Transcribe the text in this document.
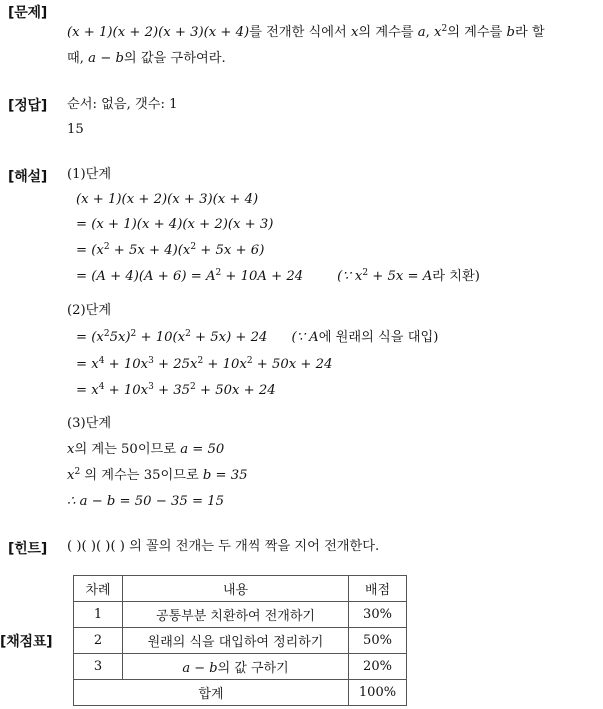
[문제]
(x + 1)(x + 2)(x + 3)(x + 4)를 전개한 식에서 x의 계수를 a, $x^2$의 계수를 b라 할
때, a − b의 값을 구하여라.
[정답] 순서: 없음, 갯수: 1
15
[해설] (1)단계
(x + 1)(x + 2)(x + 3)(x + 4)
= (x + 1)(x + 4)(x + 2)(x + 3)
= $(x^2 + 5x + 4)(x^2 + 5x + 6)$
= $(A + 4)(A + 6) = A^2 + 10A + 24$	(∵ $x^2 + 5x = A$라 치환)
(2)단계
= $(x^25x)^2 + 10(x^2 + 5x) + 24$ (∵ A에 원래의 식을 대입)
= $x^4 + 10x^3 + 25x^2 + 10x^2 + 50x + 24$
= $x^4 + 10x^3 + 35^2 + 50x + 24$
(3)단계
x의 계는 50이므로 a = 50
$x^2$ 의 계수는 35이므로 b = 35
∴ a − b = 50 − 35 = 15
[힌트] ( )( )( )( ) 의 꼴의 전개는 두 개씩 짝을 지어 전개한다.
[채점표]
차례	내용	배점
1	공통부분 치환하여 전개하기	30%
2	원래의 식을 대입하여 정리하기	50%
3	a − b의 값 구하기	20%
합계		100%
